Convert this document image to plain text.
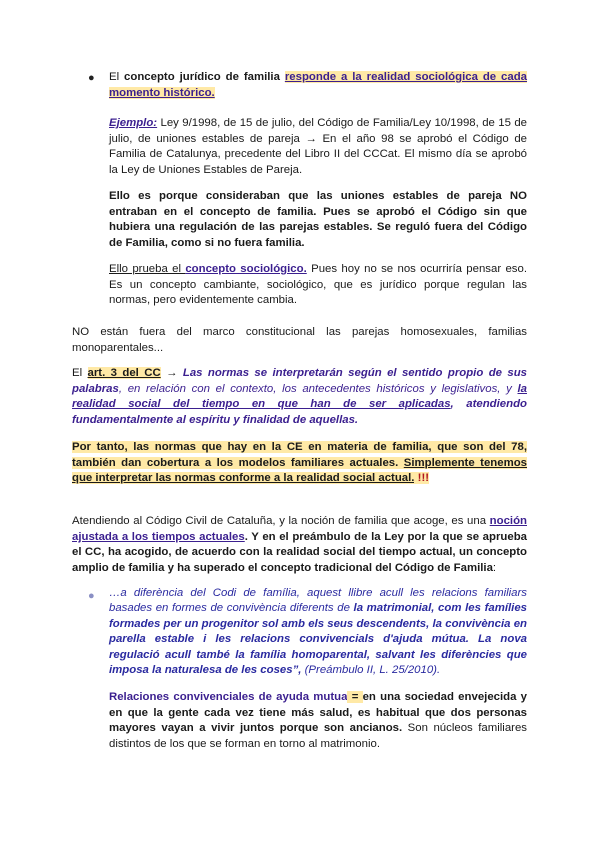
● El concepto jurídico de familia responde a la realidad sociológica de cada momento histórico.

Ejemplo: Ley 9/1998, de 15 de julio, del Código de Familia/Ley 10/1998, de 15 de julio, de uniones estables de pareja → En el año 98 se aprobó el Código de Familia de Catalunya, precedente del Libro II del CCCat. El mismo día se aprobó la Ley de Uniones Estables de Pareja.

Ello es porque consideraban que las uniones estables de pareja NO entraban en el concepto de familia. Pues se aprobó el Código sin que hubiera una regulación de las parejas estables. Se reguló fuera del Código de Familia, como si no fuera familia.

Ello prueba el concepto sociológico. Pues hoy no se nos ocurriría pensar eso. Es un concepto cambiante, sociológico, que es jurídico porque regulan las normas, pero evidentemente cambia.

NO están fuera del marco constitucional las parejas homosexuales, familias monoparentales...

El art. 3 del CC → Las normas se interpretarán según el sentido propio de sus palabras, en relación con el contexto, los antecedentes históricos y legislativos, y la realidad social del tiempo en que han de ser aplicadas, atendiendo fundamentalmente al espíritu y finalidad de aquellas.

Por tanto, las normas que hay en la CE en materia de familia, que son del 78, también dan cobertura a los modelos familiares actuales. Simplemente tenemos que interpretar las normas conforme a la realidad social actual. !!!

Atendiendo al Código Civil de Cataluña, y la noción de familia que acoge, es una noción ajustada a los tiempos actuales. Y en el preámbulo de la Ley por la que se aprueba el CC, ha acogido, de acuerdo con la realidad social del tiempo actual, un concepto amplio de familia y ha superado el concepto tradicional del Código de Familia:

● …a diferència del Codi de família, aquest llibre acull les relacions familiars basades en formes de convivència diferents de la matrimonial, com les famílies formades per un progenitor sol amb els seus descendents, la convivència en parella estable i les relacions convivencials d'ajuda mútua. La nova regulació acull també la família homoparental, salvant les diferències que imposa la naturalesa de les coses”, (Preámbulo II, L. 25/2010).

Relaciones convivenciales de ayuda mutua = en una sociedad envejecida y en que la gente cada vez tiene más salud, es habitual que dos personas mayores vayan a vivir juntos porque son ancianos. Son núcleos familiares distintos de los que se forman en torno al matrimonio.
